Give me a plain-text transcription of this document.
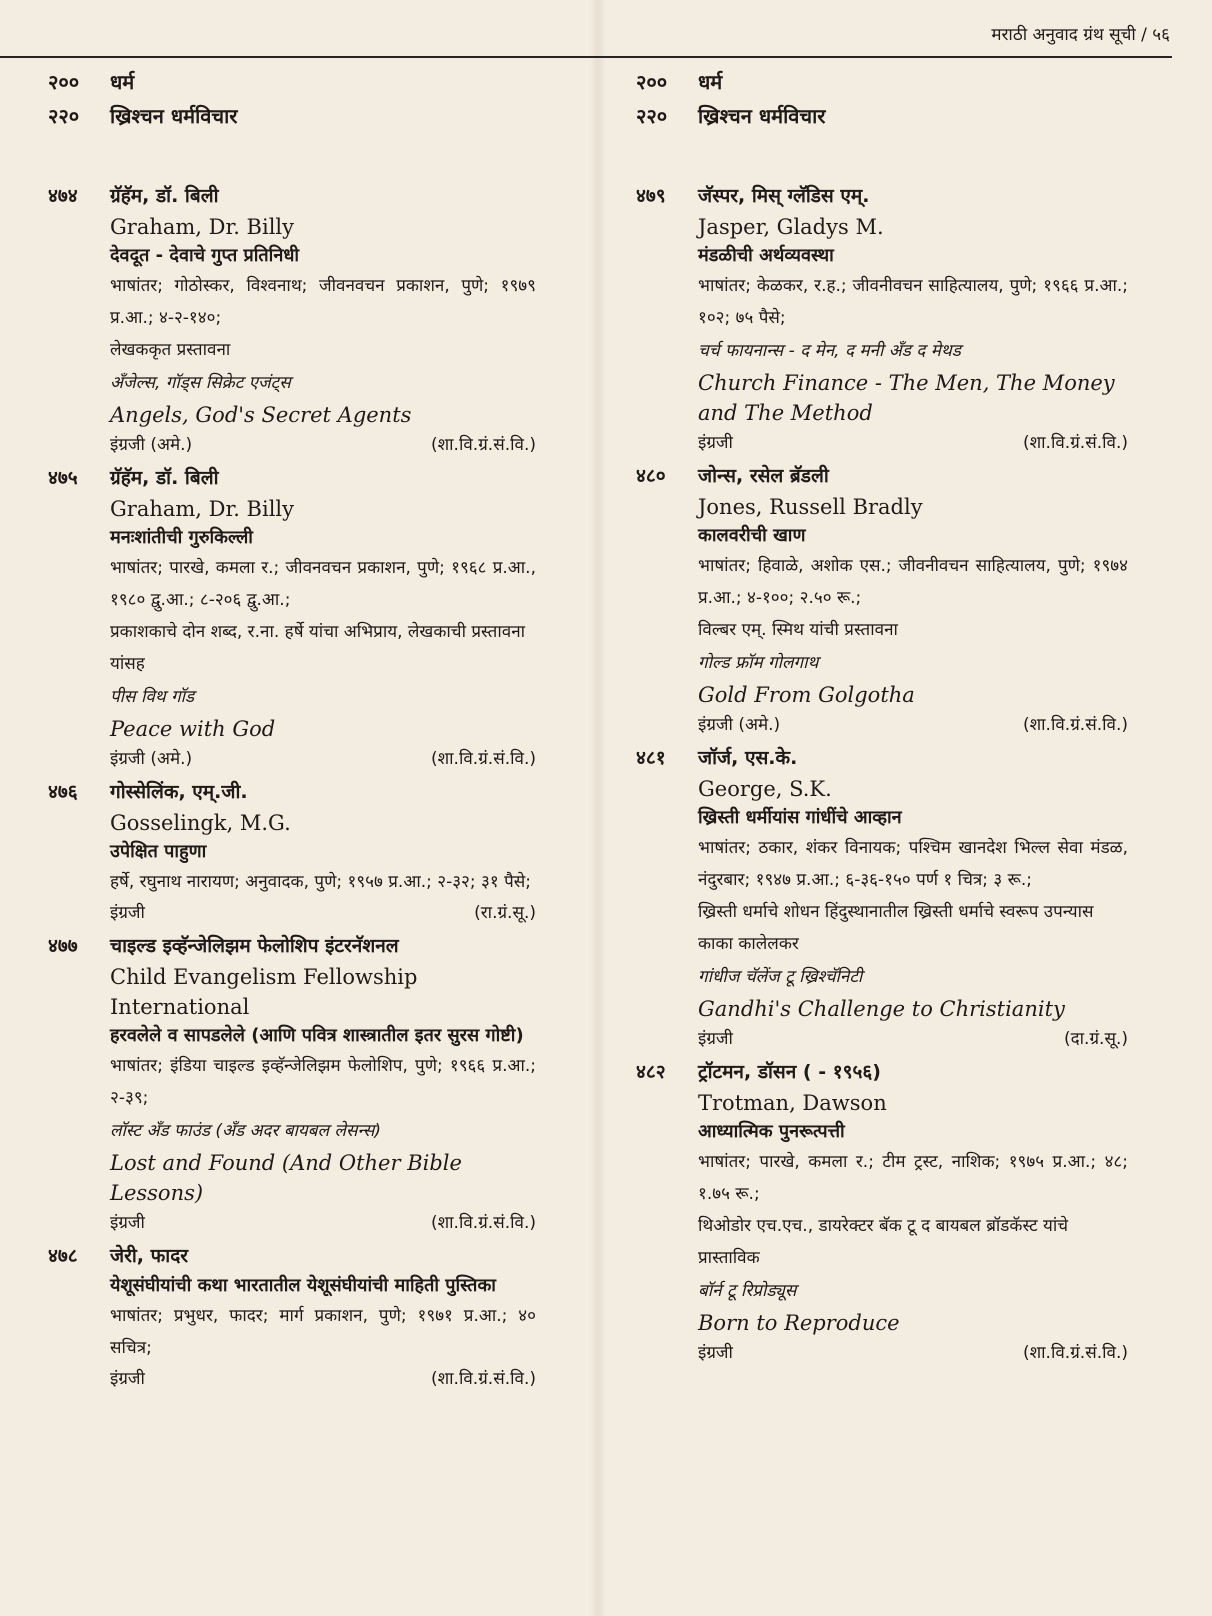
मराठी अनुवाद ग्रंथ सूची / ५६
२००	धर्म
२२०	ख्रिश्चन धर्मविचार
४७४ ग्रॅहॅम, डॉ. बिली
Graham, Dr. Billy
देवदूत - देवाचे गुप्त प्रतिनिधी
भाषांतर; गोठोस्कर, विश्वनाथ; जीवनवचन प्रकाशन, पुणे; १९७९ प्र.आ.; ४-२-१४०;
लेखककृत प्रस्तावना
अँजेल्स, गॉड्स सिक्रेट एजंट्स
Angels, God's Secret Agents
इंग्रजी (अमे.)	(शा.वि.ग्रं.सं.वि.)
४७५ ग्रॅहॅम, डॉ. बिली
Graham, Dr. Billy
मनःशांतीची गुरुकिल्ली
भाषांतर; पारखे, कमला र.; जीवनवचन प्रकाशन, पुणे; १९६८ प्र.आ., १९८० द्वु.आ.; ८-२०६ द्वु.आ.;
प्रकाशकाचे दोन शब्द, र.ना. हर्षे यांचा अभिप्राय, लेखकाची प्रस्तावना यांसह
पीस विथ गॉड
Peace with God
इंग्रजी (अमे.)	(शा.वि.ग्रं.सं.वि.)
४७६ गोस्सेलिंक, एम्.जी.
Gosselingk, M.G.
उपेक्षित पाहुणा
हर्षे, रघुनाथ नारायण; अनुवादक, पुणे; १९५७ प्र.आ.; २-३२; ३१ पैसे;
इंग्रजी	(रा.ग्रं.सू.)
४७७ चाइल्ड इव्हॅन्जेलिझम फेलोशिप इंटरनॅशनल
Child Evangelism Fellowship International
हरवलेले व सापडलेले (आणि पवित्र शास्त्रातील इतर सुरस गोष्टी)
भाषांतर; इंडिया चाइल्ड इव्हॅन्जेलिझम फेलोशिप, पुणे; १९६६ प्र.आ.; २-३९;
लॉस्ट अँड फाउंड (अँड अदर बायबल लेसन्स)
Lost and Found (And Other Bible Lessons)
इंग्रजी	(शा.वि.ग्रं.सं.वि.)
४७८ जेरी, फादर
येशूसंघीयांची कथा भारतातील येशूसंघीयांची माहिती पुस्तिका
भाषांतर; प्रभुधर, फादर; मार्ग प्रकाशन, पुणे; १९७१ प्र.आ.; ४० सचित्र;
इंग्रजी	(शा.वि.ग्रं.सं.वि.)
२००	धर्म
२२०	ख्रिश्चन धर्मविचार
४७९ जॅस्पर, मिस् ग्लॅडिस एम्.
Jasper, Gladys M.
मंडळीची अर्थव्यवस्था
भाषांतर; केळकर, र.ह.; जीवनीवचन साहित्यालय, पुणे; १९६६ प्र.आ.; १०२; ७५ पैसे;
चर्च फायनान्स - द मेन, द मनी अँड द मेथड
Church Finance - The Men, The Money and The Method
इंग्रजी	(शा.वि.ग्रं.सं.वि.)
४८० जोन्स, रसेल ब्रॅडली
Jones, Russell Bradly
कालवरीची खाण
भाषांतर; हिवाळे, अशोक एस.; जीवनीवचन साहित्यालय, पुणे; १९७४ प्र.आ.; ४-१००; २.५० रू.;
विल्बर एम्. स्मिथ यांची प्रस्तावना
गोल्ड फ्रॉम गोलगाथ
Gold From Golgotha
इंग्रजी (अमे.)	(शा.वि.ग्रं.सं.वि.)
४८१ जॉर्ज, एस.के.
George, S.K.
ख्रिस्ती धर्मीयांस गांधींचे आव्हान
भाषांतर; ठकार, शंकर विनायक; पश्चिम खानदेश भिल्ल सेवा मंडळ, नंदुरबार; १९४७ प्र.आ.; ६-३६-१५० पर्ण १ चित्र; ३ रू.;
ख्रिस्ती धर्माचे शोधन हिंदुस्थानातील ख्रिस्ती धर्माचे स्वरूप उपन्यास काका कालेलकर
गांधीज चॅलेंज टू ख्रिश्चॅनिटी
Gandhi's Challenge to Christianity
इंग्रजी	(दा.ग्रं.सू.)
४८२ ट्रॉटमन, डॉसन ( - १९५६)
Trotman, Dawson
आध्यात्मिक पुनरूत्पत्ती
भाषांतर; पारखे, कमला र.; टीम ट्रस्ट, नाशिक; १९७५ प्र.आ.; ४८; १.७५ रू.;
थिओडोर एच.एच., डायरेक्टर बॅक टू द बायबल ब्रॉडकॅस्ट यांचे प्रास्ताविक
बॉर्न टू रिप्रोड्यूस
Born to Reproduce
इंग्रजी	(शा.वि.ग्रं.सं.वि.)
